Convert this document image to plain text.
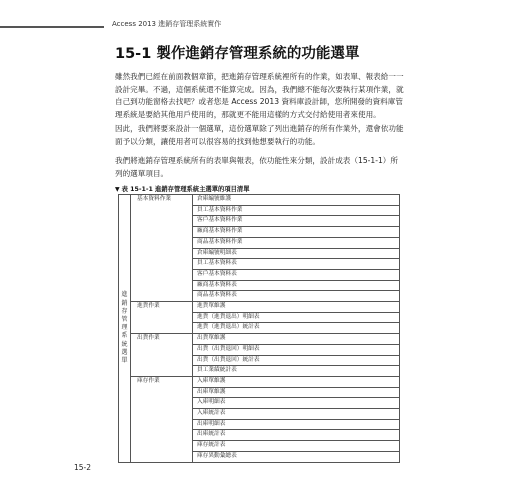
Access 2013 進銷存管理系統實作
15-1 製作進銷存管理系統的功能選單

雖然我們已經在前面教個章節，把進銷存管理系統裡所有的作業，如表單、報表給一一設計完畢。不過，這個系統還不能算完成。因為，我們總不能每次要執行某項作業，就自己到功能窗格去找吧？或者您是 Access 2013 資料庫設計師，您所開發的資料庫管理系統是要給其他用戶使用的，那就更不能用這樣的方式交付給使用者來使用。

因此，我們將要來設計一個選單，這份選單除了列出進銷存的所有作業外，還會依功能面予以分類，讓使用者可以很容易的找到他想要執行的功能。

我們將進銷存管理系統所有的表單與報表，依功能性來分類，設計成表（15-1-1）所列的選單項目。

▼ 表 15-1-1 進銷存管理系統主選單的項目清單
進銷存管理系統選單	基本資料作業	倉庫編號維護
		員工基本資料作業
		客戶基本資料作業
		廠商基本資料作業
		商品基本資料作業
		倉庫編號明細表
		員工基本資料表
		客戶基本資料表
		廠商基本資料表
		商品基本資料表
	進貨作業	進貨單維護
		進貨（進貨退出）明細表
		進貨（進貨退出）統計表
	出貨作業	出貨單維護
		出貨（出貨退回）明細表
		出貨（出貨退回）統計表
		員工業績統計表
	庫存作業	入庫單維護
		出庫單維護
		入庫明細表
		入庫統計表
		出庫明細表
		出庫統計表
		庫存統計表
		庫存異動彙總表
15-2
